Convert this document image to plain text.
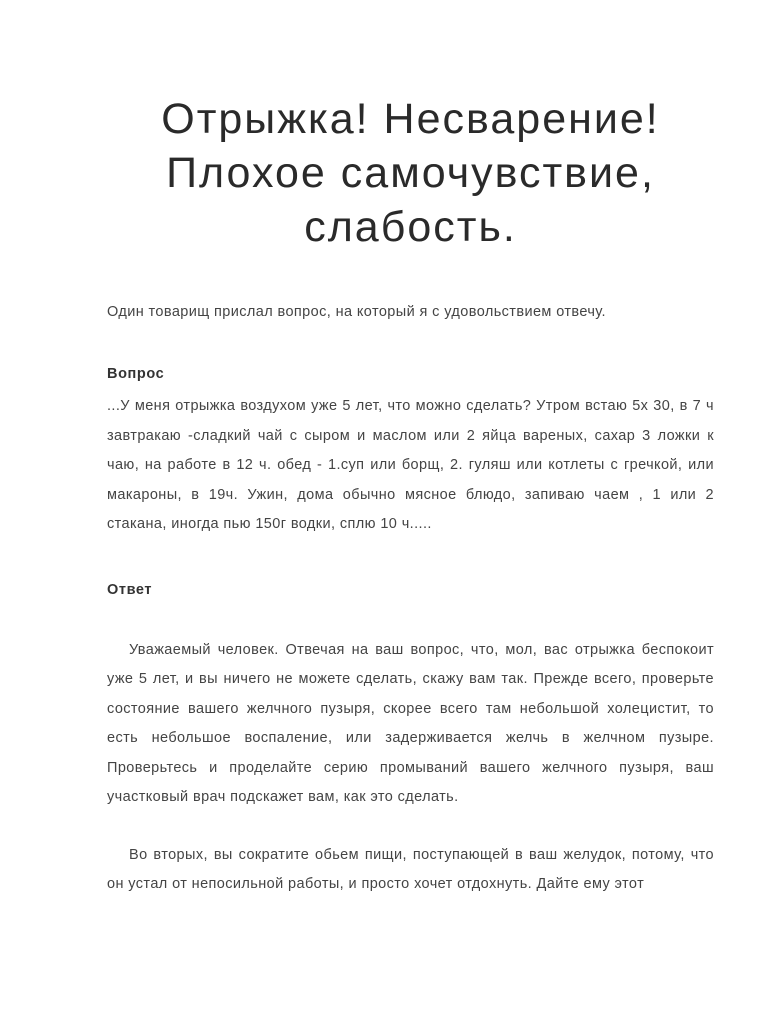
Отрыжка! Несварение!
Плохое самочувствие,
слабость.

Один товарищ прислал вопрос, на который я с удовольствием отвечу.

Вопрос

...У меня отрыжка воздухом уже 5 лет, что можно сделать? Утром встаю 5х 30, в 7 ч завтракаю -сладкий чай с сыром и маслом или 2 яйца вареных, сахар 3 ложки к чаю, на работе в 12 ч. обед - 1.суп или борщ, 2. гуляш или котлеты с гречкой, или макароны, в 19ч. Ужин, дома обычно мясное блюдо, запиваю чаем , 1 или 2 стакана, иногда пью 150г водки, сплю 10 ч.....

Ответ

Уважаемый человек. Отвечая на ваш вопрос, что, мол, вас отрыжка беспокоит уже 5 лет, и вы ничего не можете сделать, скажу вам так. Прежде всего, проверьте состояние вашего желчного пузыря, скорее всего там небольшой холецистит, то есть небольшое воспаление, или задерживается желчь в желчном пузыре. Проверьтесь и проделайте серию промываний вашего желчного пузыря, ваш участковый врач подскажет вам, как это сделать.

Во вторых, вы сократите обьем пищи, поступающей в ваш желудок, потому, что он устал от непосильной работы, и просто хочет отдохнуть. Дайте ему этот
